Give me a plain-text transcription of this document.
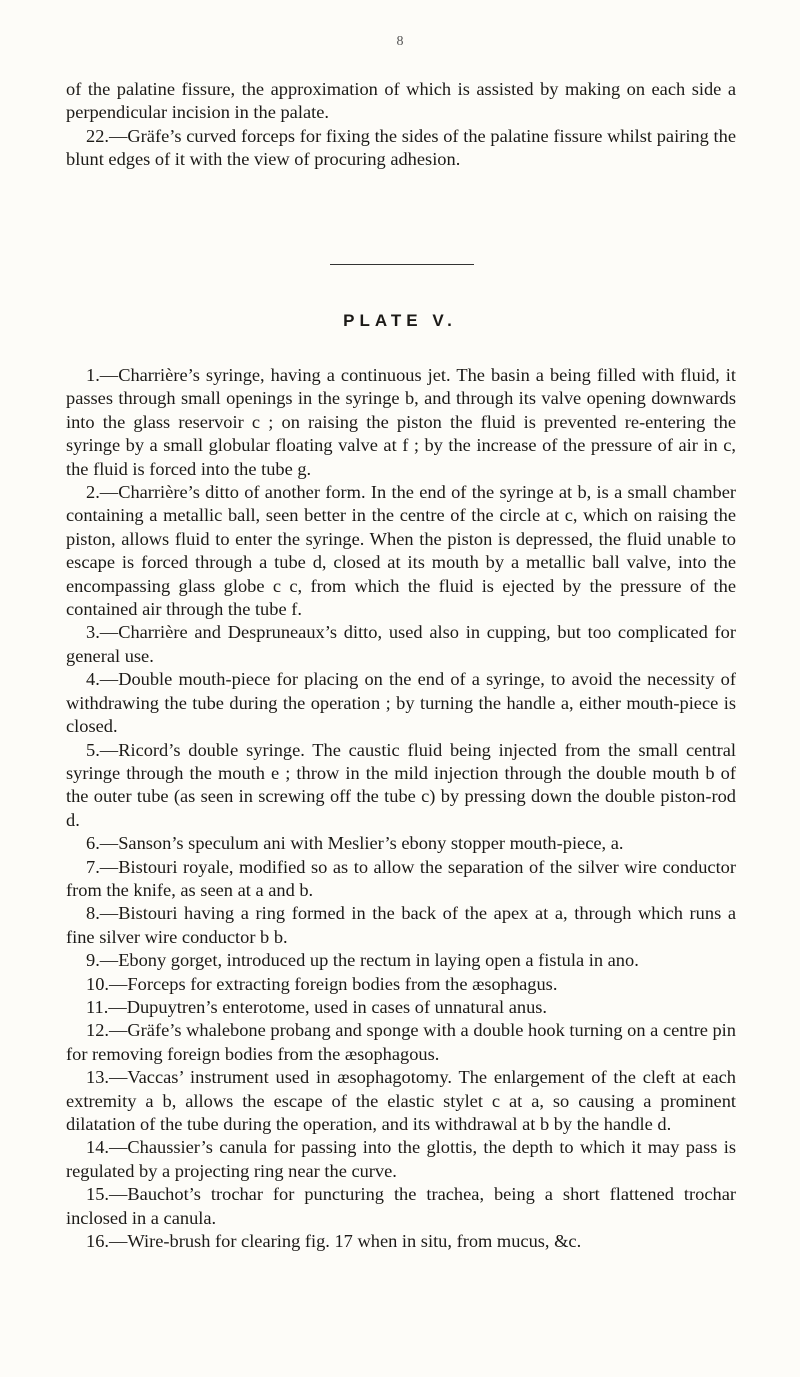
8

of the palatine fissure, the approximation of which is assisted by making on each side a perpendicular incision in the palate.

22.—Gräfe’s curved forceps for fixing the sides of the palatine fissure whilst pairing the blunt edges of it with the view of procuring adhesion.

PLATE V.

1.—Charrière’s syringe, having a continuous jet. The basin a being filled with fluid, it passes through small openings in the syringe b, and through its valve opening downwards into the glass reservoir c ; on raising the piston the fluid is prevented re-entering the syringe by a small globular floating valve at f ; by the increase of the pressure of air in c, the fluid is forced into the tube g.

2.—Charrière’s ditto of another form. In the end of the syringe at b, is a small chamber containing a metallic ball, seen better in the centre of the circle at c, which on raising the piston, allows fluid to enter the syringe. When the piston is depressed, the fluid unable to escape is forced through a tube d, closed at its mouth by a metallic ball valve, into the encompassing glass globe c c, from which the fluid is ejected by the pressure of the contained air through the tube f.

3.—Charrière and Despruneaux’s ditto, used also in cupping, but too complicated for general use.

4.—Double mouth-piece for placing on the end of a syringe, to avoid the necessity of withdrawing the tube during the operation ; by turning the handle a, either mouth-piece is closed.

5.—Ricord’s double syringe. The caustic fluid being injected from the small central syringe through the mouth e ; throw in the mild injection through the double mouth b of the outer tube (as seen in screwing off the tube c) by pressing down the double piston-rod d.

6.—Sanson’s speculum ani with Meslier’s ebony stopper mouth-piece, a.

7.—Bistouri royale, modified so as to allow the separation of the silver wire conductor from the knife, as seen at a and b.

8.—Bistouri having a ring formed in the back of the apex at a, through which runs a fine silver wire conductor b b.

9.—Ebony gorget, introduced up the rectum in laying open a fistula in ano.

10.—Forceps for extracting foreign bodies from the æsophagus.

11.—Dupuytren’s enterotome, used in cases of unnatural anus.

12.—Gräfe’s whalebone probang and sponge with a double hook turning on a centre pin for removing foreign bodies from the æsophagous.

13.—Vaccas’ instrument used in æsophagotomy. The enlargement of the cleft at each extremity a b, allows the escape of the elastic stylet c at a, so causing a prominent dilatation of the tube during the operation, and its withdrawal at b by the handle d.

14.—Chaussier’s canula for passing into the glottis, the depth to which it may pass is regulated by a projecting ring near the curve.

15.—Bauchot’s trochar for puncturing the trachea, being a short flattened trochar inclosed in a canula.

16.—Wire-brush for clearing fig. 17 when in situ, from mucus, &c.
